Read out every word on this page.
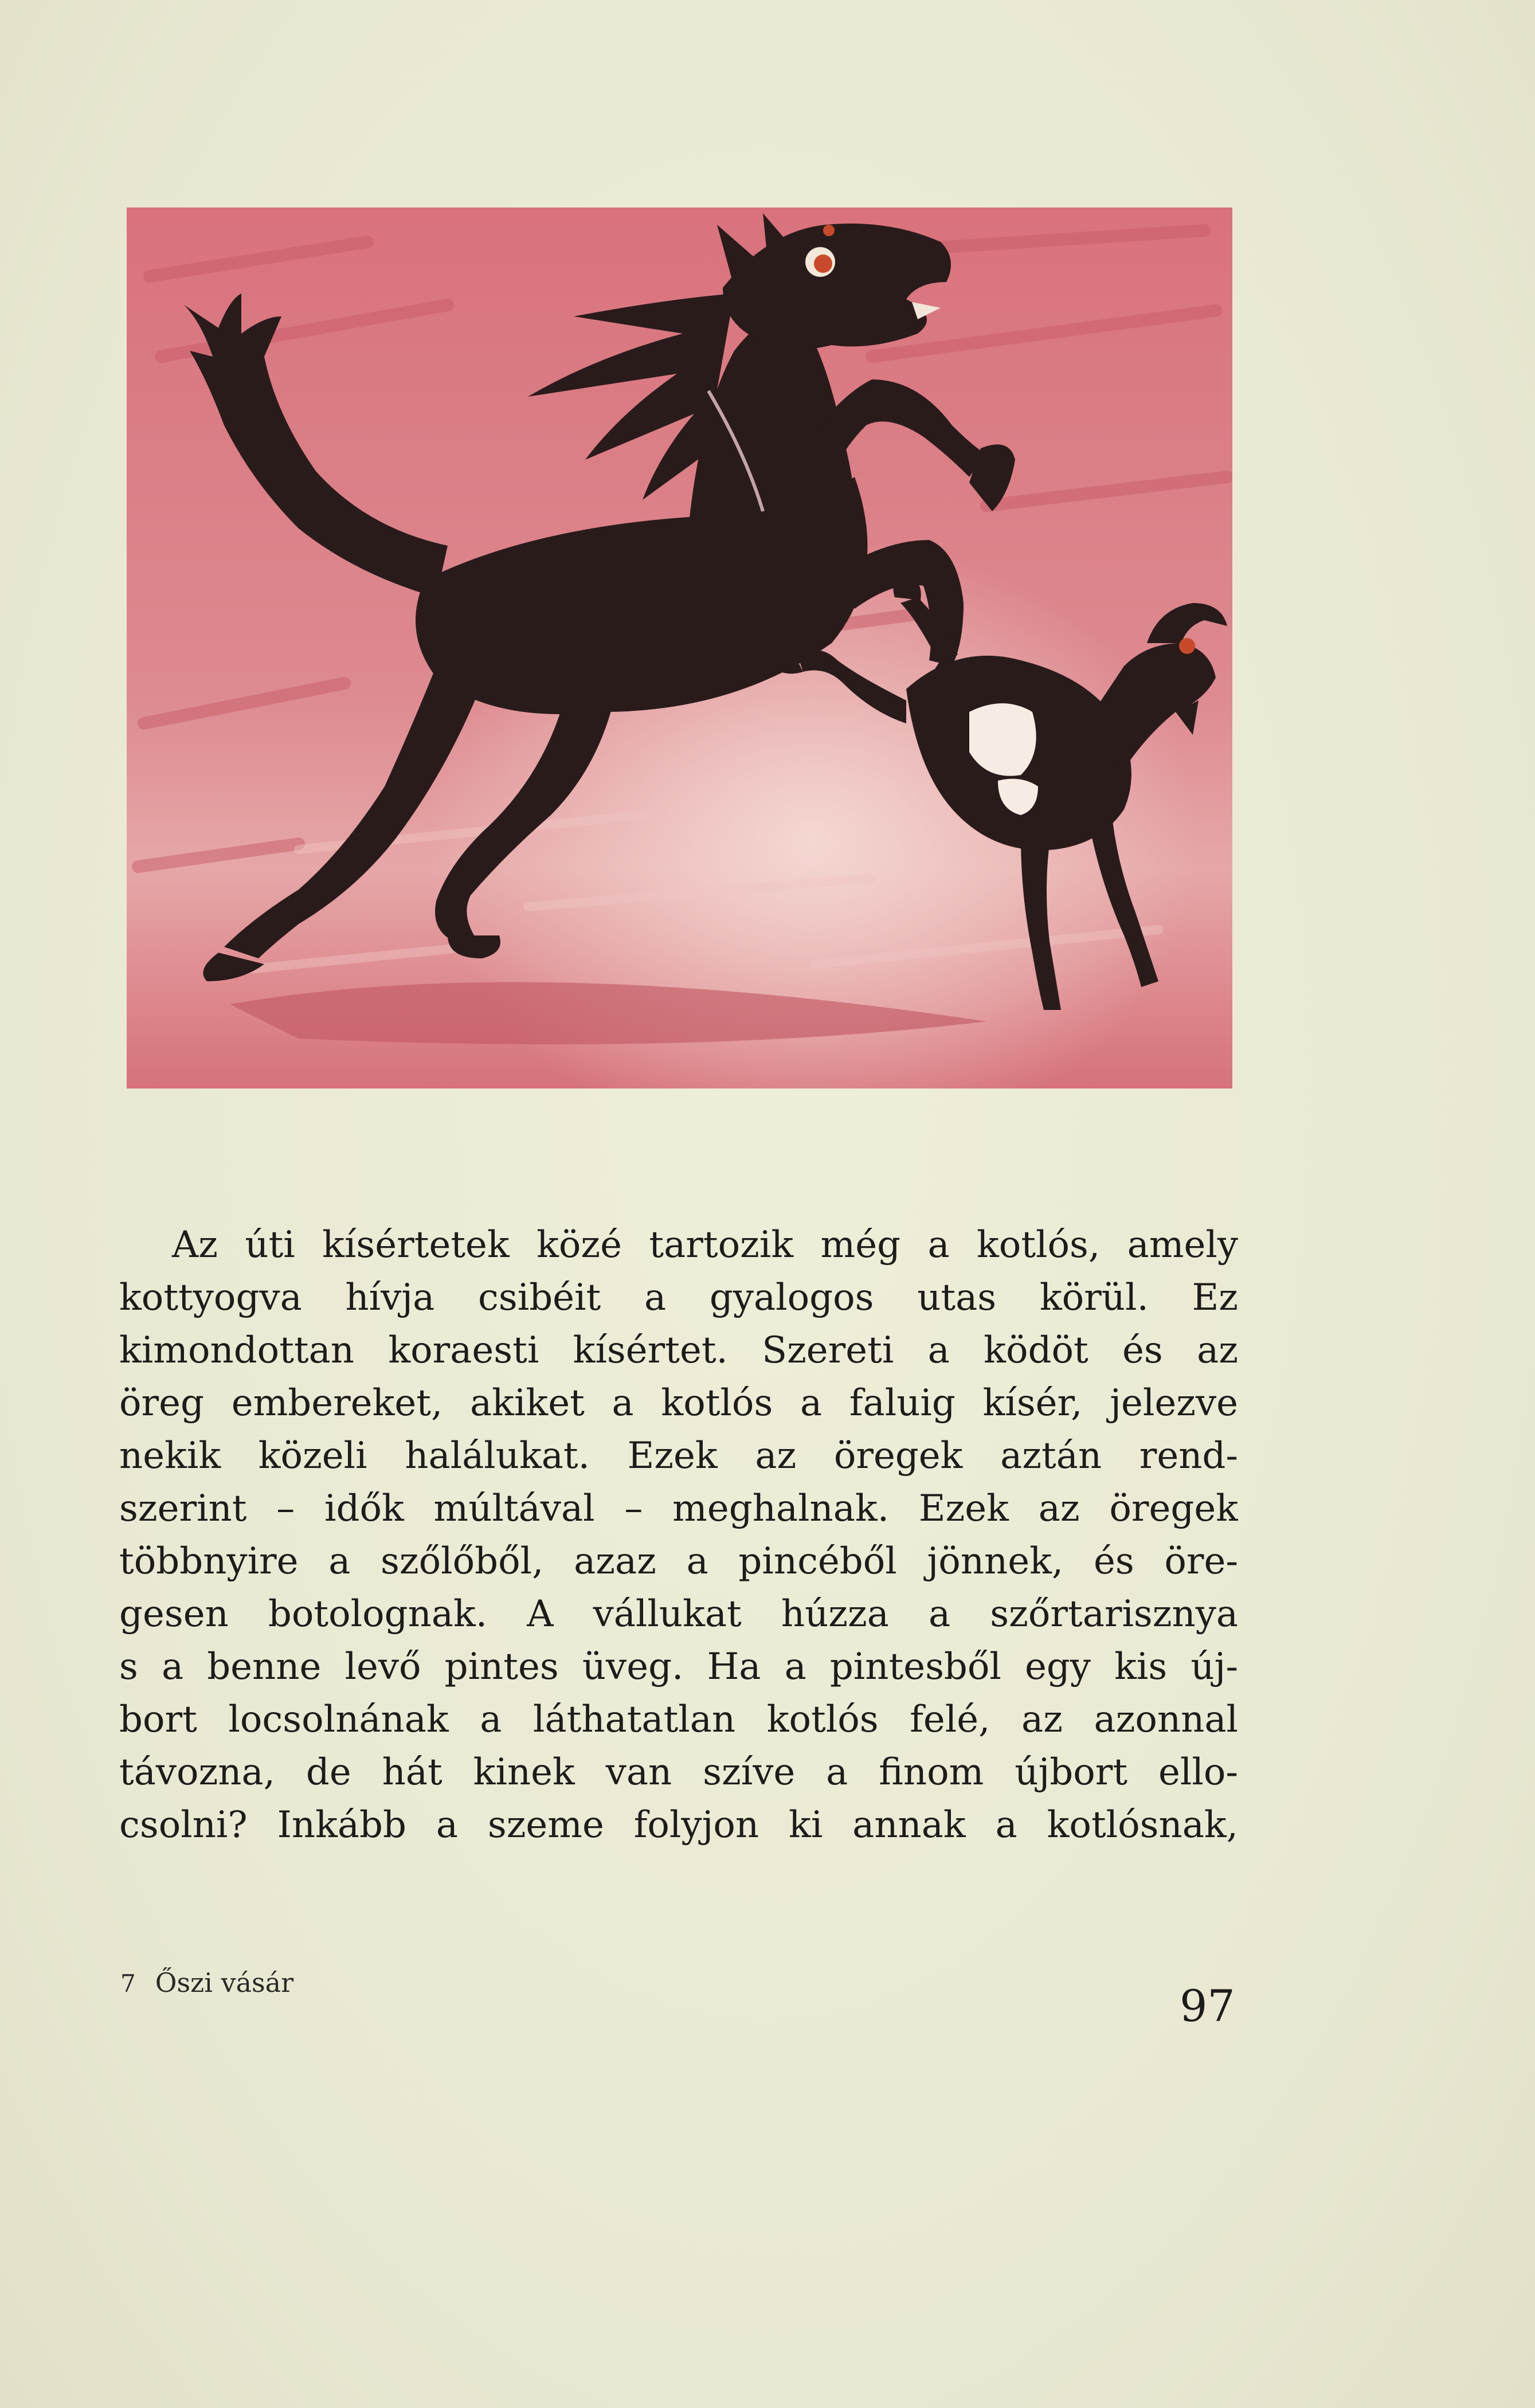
Az úti kísértetek közé tartozik még a kotlós, amely
kottyogva hívja csibéit a gyalogos utas körül. Ez
kimondottan koraesti kísértet. Szereti a ködöt és az
öreg embereket, akiket a kotlós a faluig kísér, jelezve
nekik közeli halálukat. Ezek az öregek aztán rend-
szerint – idők múltával – meghalnak. Ezek az öregek
többnyire a szőlőből, azaz a pincéből jönnek, és öre-
gesen botolognak. A vállukat húzza a szőrtarisznya
s a benne levő pintes üveg. Ha a pintesből egy kis új-
bort locsolnának a láthatatlan kotlós felé, az azonnal
távozna, de hát kinek van szíve a finom újbort ello-
csolni? Inkább a szeme folyjon ki annak a kotlósnak,
7 Őszi vásár	97
